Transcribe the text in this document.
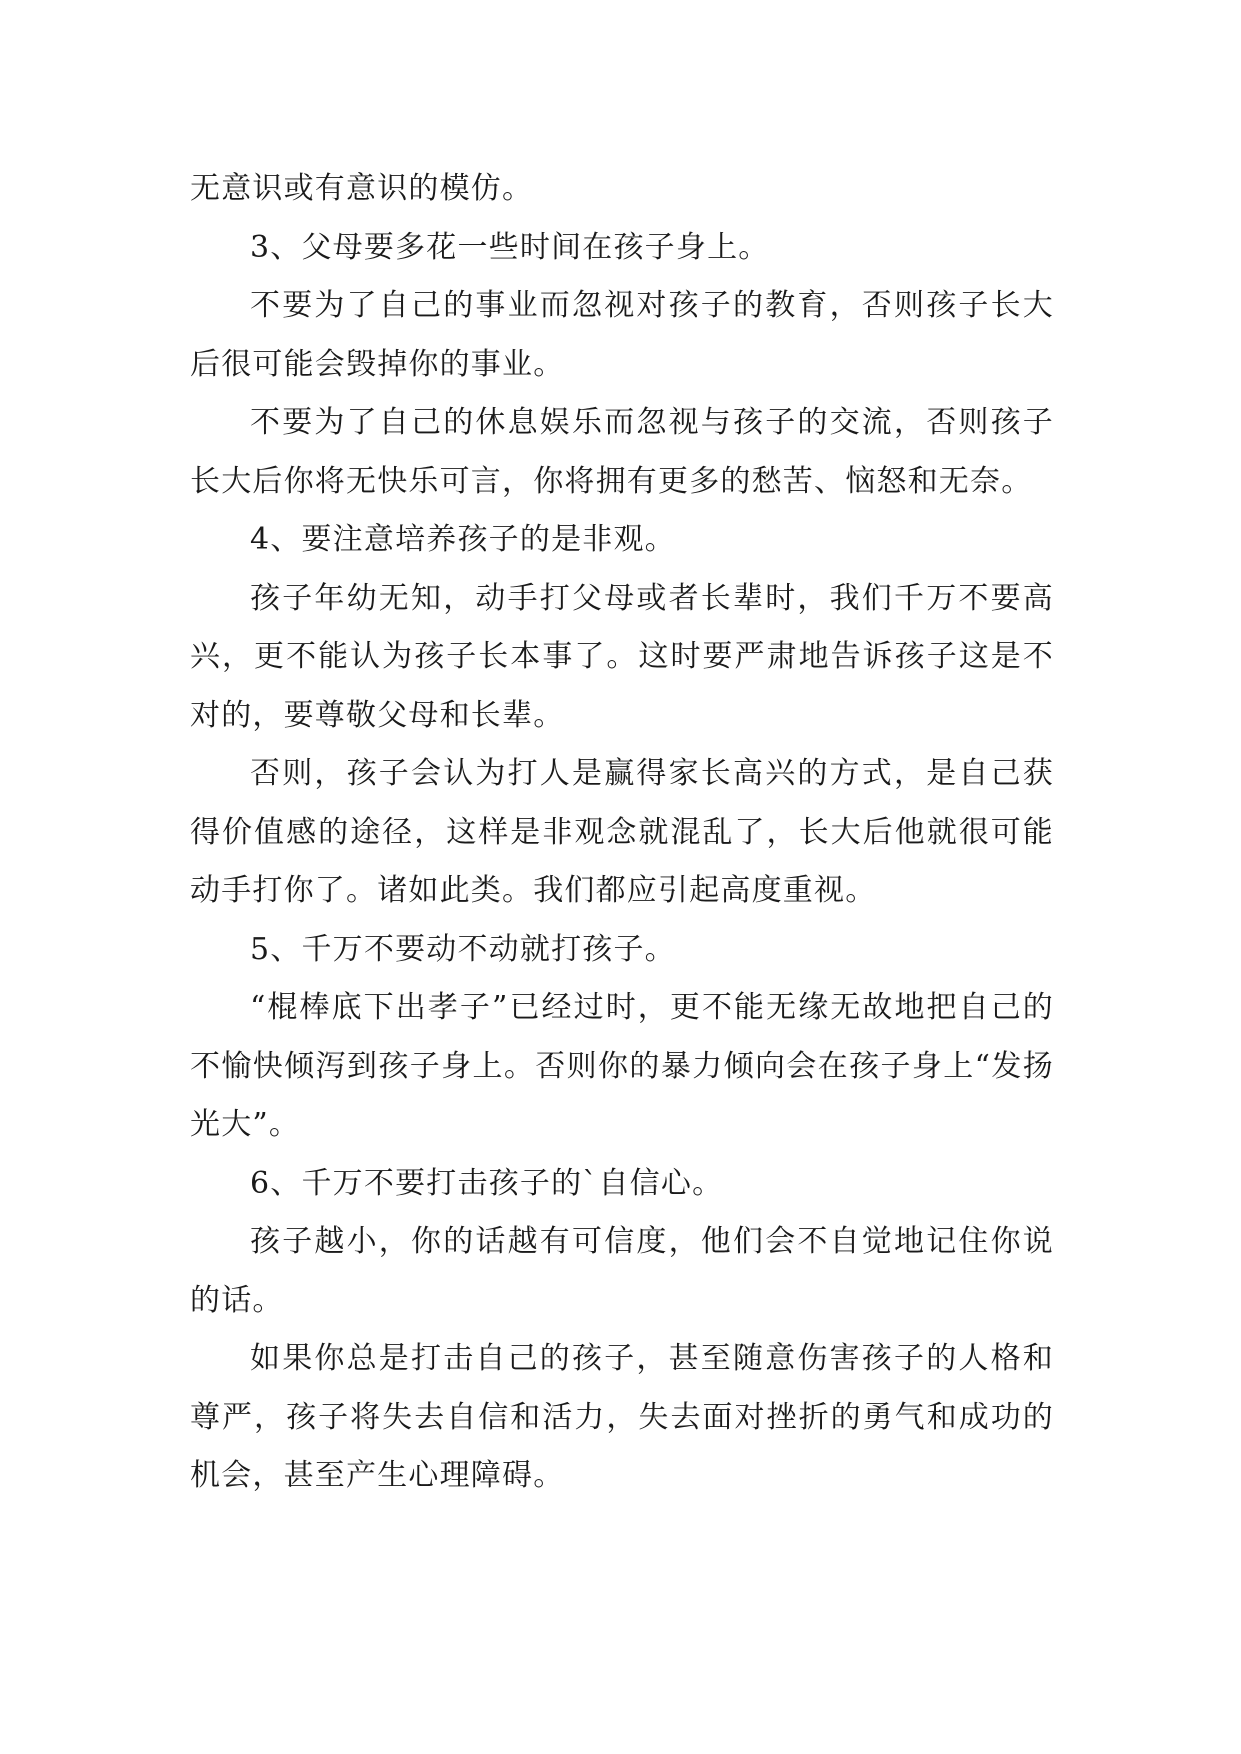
无意识或有意识的模仿。

3、父母要多花一些时间在孩子身上。

不要为了自己的事业而忽视对孩子的教育，否则孩子长大后很可能会毁掉你的事业。

不要为了自己的休息娱乐而忽视与孩子的交流，否则孩子长大后你将无快乐可言，你将拥有更多的愁苦、恼怒和无奈。

4、要注意培养孩子的是非观。

孩子年幼无知，动手打父母或者长辈时，我们千万不要高兴，更不能认为孩子长本事了。这时要严肃地告诉孩子这是不对的，要尊敬父母和长辈。

否则，孩子会认为打人是赢得家长高兴的方式，是自己获得价值感的途径，这样是非观念就混乱了，长大后他就很可能动手打你了。诸如此类。我们都应引起高度重视。

5、千万不要动不动就打孩子。

“棍棒底下出孝子”已经过时，更不能无缘无故地把自己的不愉快倾泻到孩子身上。否则你的暴力倾向会在孩子身上“发扬光大”。

6、千万不要打击孩子的`自信心。

孩子越小，你的话越有可信度，他们会不自觉地记住你说的话。

如果你总是打击自己的孩子，甚至随意伤害孩子的人格和尊严，孩子将失去自信和活力，失去面对挫折的勇气和成功的机会，甚至产生心理障碍。
